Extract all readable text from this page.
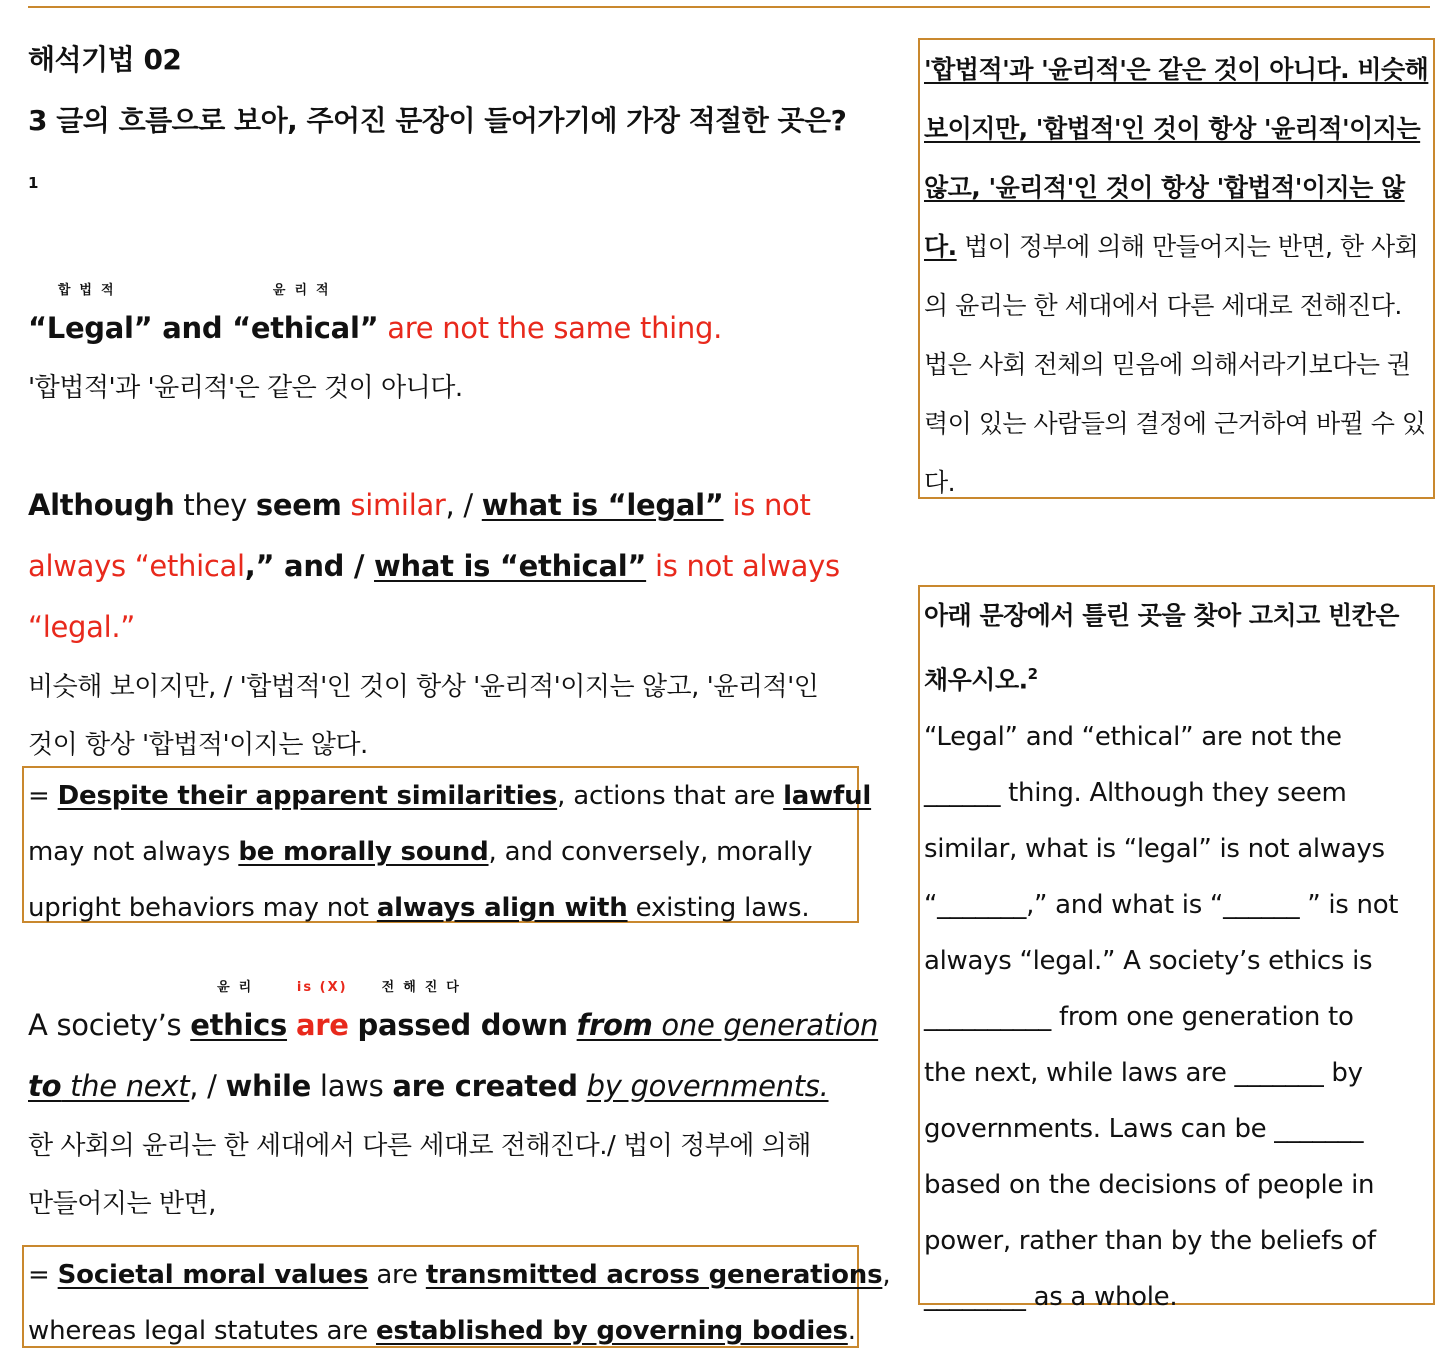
해석기법 02
3 글의 흐름으로 보아, 주어진 문장이 들어가기에 가장 적절한 곳은?$^1$
합법적
“Legal” and
윤리적
“ethical” are not the same thing.
'합법적'과 '윤리적'은 같은 것이 아니다.
Although they seem similar, / what is “legal” is not
always “ethical,” and / what is “ethical” is not always
“legal.”
비슷해 보이지만, / '합법적'인 것이 항상 '윤리적'이지는 않고, '윤리적'인
것이 항상 '합법적'이지는 않다.
= Despite their apparent similarities, actions that are lawful
may not always be morally sound, and conversely, morally
upright behaviors may not always align with existing laws.
A society’s
윤리
ethics
is (X)
are
전해진다
passed down from one generation
to the next, / while laws are created by governments.
한 사회의 윤리는 한 세대에서 다른 세대로 전해진다./ 법이 정부에 의해
만들어지는 반면,
= Societal moral values are transmitted across generations,
whereas legal statutes are established by governing bodies.
'합법적'과 '윤리적'은 같은 것이 아니다. 비슷해 보이지만, '합법적'인 것이 항상 '윤리적'이지는 않고, '윤리적'인 것이 항상 '합법적'이지는 않다. 법이 정부에 의해 만들어지는 반면, 한 사회의 윤리는 한 세대에서 다른 세대로 전해진다. 법은 사회 전체의 믿음에 의해서라기보다는 권력이 있는 사람들의 결정에 근거하여 바뀔 수 있다.
아래 문장에서 틀린 곳을 찾아 고치고 빈칸은 채우시오.$^2$
“Legal” and “ethical” are not the
______ thing. Although they seem
similar, what is “legal” is not always
“_______,” and what is “______ ” is not
always “legal.” A society’s ethics is
__________ from one generation to
the next, while laws are _______ by
governments. Laws can be _______
based on the decisions of people in
power, rather than by the beliefs of
________ as a whole.
